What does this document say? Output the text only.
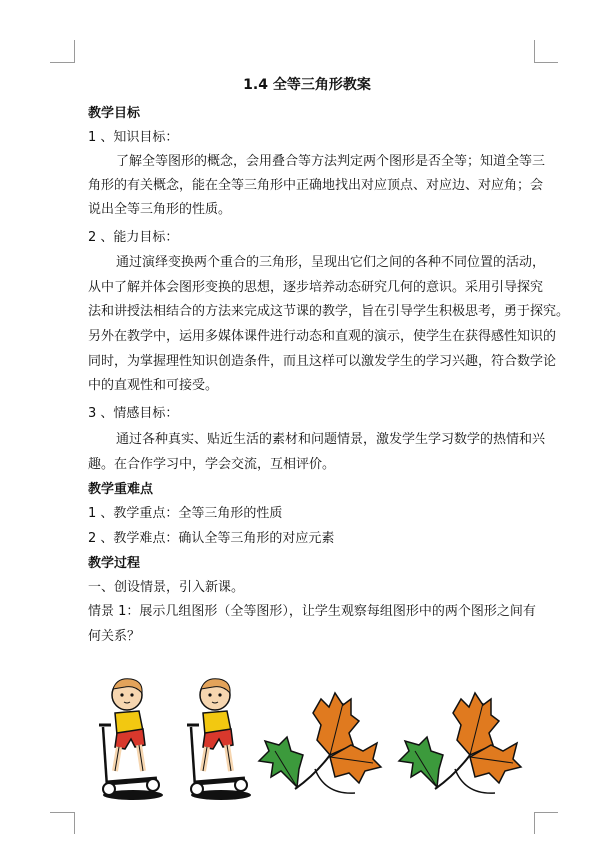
1.4 全等三角形教案
教学目标
1 、知识目标：
了解全等图形的概念，会用叠合等方法判定两个图形是否全等；知道全等三
角形的有关概念，能在全等三角形中正确地找出对应顶点、对应边、对应角；会
说出全等三角形的性质。
2 、能力目标：
通过演绎变换两个重合的三角形，呈现出它们之间的各种不同位置的活动，
从中了解并体会图形变换的思想，逐步培养动态研究几何的意识。采用引导探究
法和讲授法相结合的方法来完成这节课的教学，旨在引导学生积极思考，勇于探究。
另外在教学中，运用多媒体课件进行动态和直观的演示，使学生在获得感性知识的
同时，为掌握理性知识创造条件，而且这样可以激发学生的学习兴趣，符合数学论
中的直观性和可接受。
3 、情感目标：
通过各种真实、贴近生活的素材和问题情景，激发学生学习数学的热情和兴
趣。在合作学习中，学会交流，互相评价。
教学重难点
1 、教学重点：全等三角形的性质
2 、教学难点：确认全等三角形的对应元素
教学过程
一、创设情景，引入新课。
情景 1：展示几组图形（全等图形），让学生观察每组图形中的两个图形之间有
何关系？
